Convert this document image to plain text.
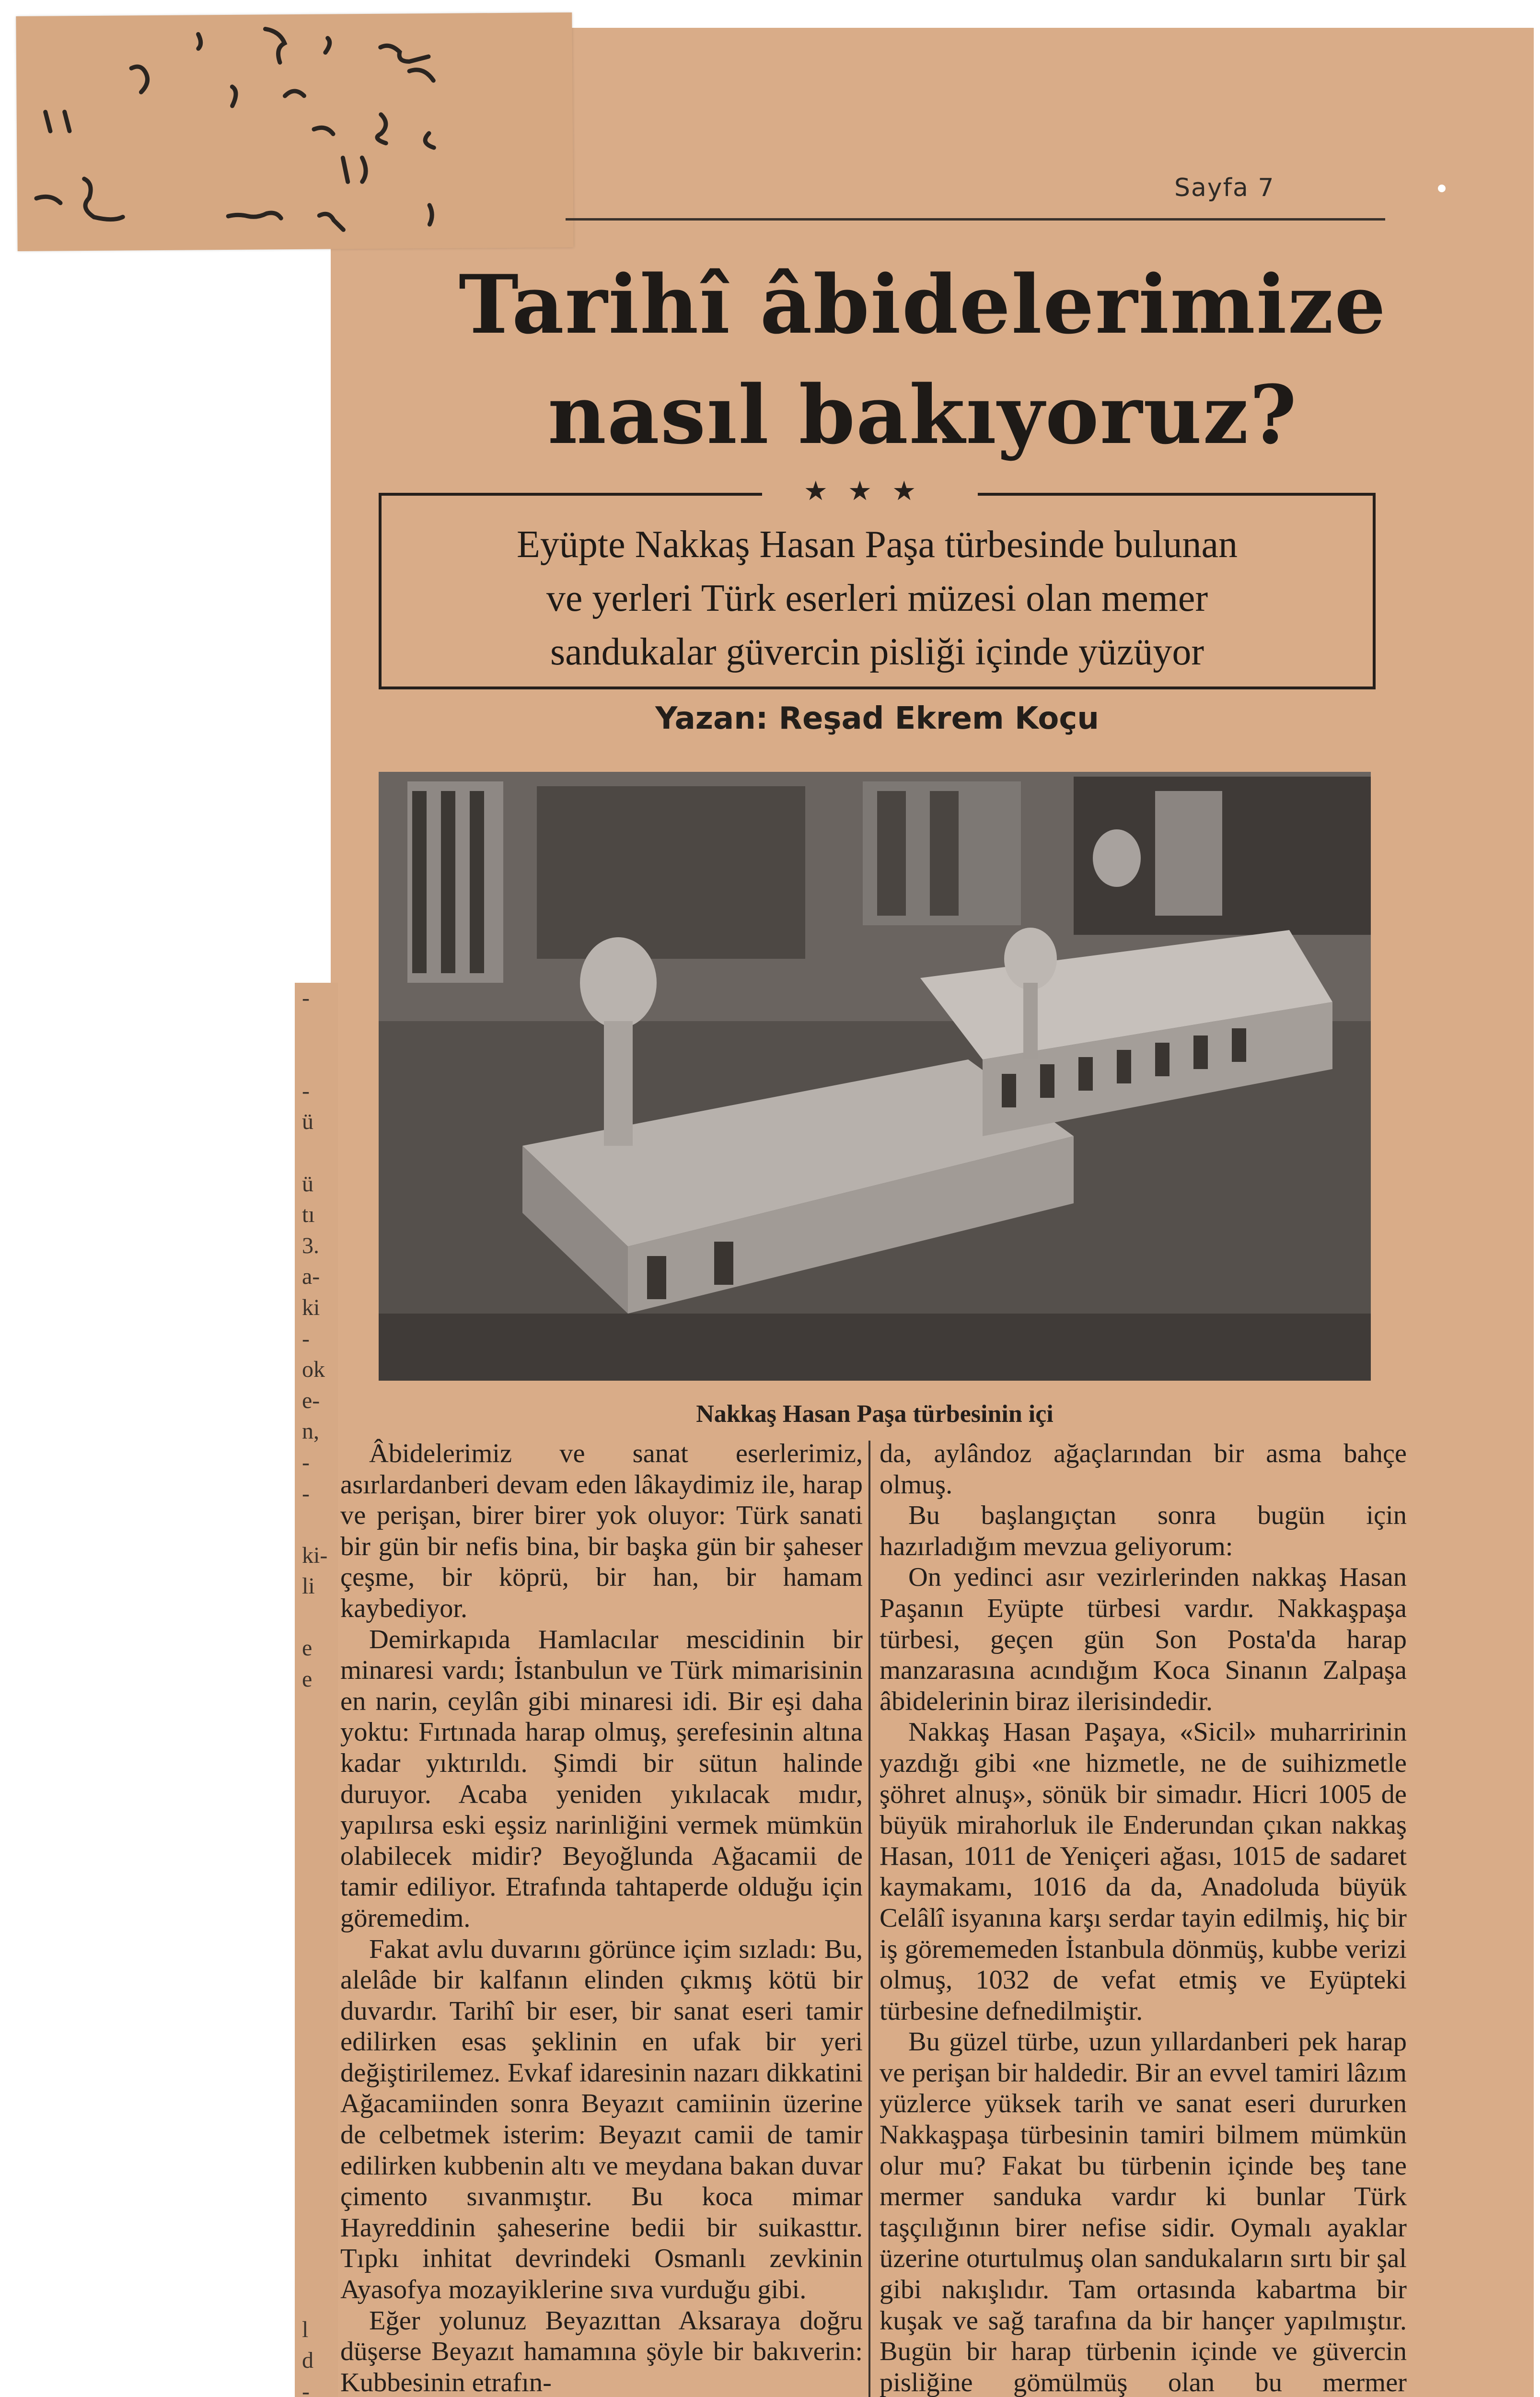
Sayfa 7
Tarihî âbidelerimize
nasıl bakıyoruz?
★★★
Eyüpte Nakkaş Hasan Paşa türbesinde bulunan
ve yerleri Türk eserleri müzesi olan memer
sandukalar güvercin pisliği içinde yüzüyor
Yazan: Reşad Ekrem Koçu
Nakkaş Hasan Paşa türbesinin içi

Âbidelerimiz ve sanat eserlerimiz, asırlardanberi devam eden lâkaydimiz ile, harap ve perişan, birer birer yok oluyor: Türk sanati bir gün bir nefis bina, bir başka gün bir şaheser çeşme, bir köprü, bir han, bir hamam kaybediyor.

Demirkapıda Hamlacılar mescidinin bir minaresi vardı; İstanbulun ve Türk mimarisinin en narin, ceylân gibi minaresi idi. Bir eşi daha yoktu: Fırtınada harap olmuş, şerefesinin altına kadar yıktırıldı. Şimdi bir sütun halinde duruyor. Acaba yeniden yıkılacak mıdır, yapılırsa eski eşsiz narinliğini vermek mümkün olabilecek midir? Beyoğlunda Ağacamii de tamir ediliyor. Etrafında tahtaperde olduğu için göremedim.

Fakat avlu duvarını görünce içim sızladı: Bu, alelâde bir kalfanın elinden çıkmış kötü bir duvardır. Tarihî bir eser, bir sanat eseri tamir edilirken esas şeklinin en ufak bir yeri değiştirilemez. Evkaf idaresinin nazarı dikkatini Ağacamiinden sonra Beyazıt camiinin üzerine de celbetmek isterim: Beyazıt camii de tamir edilirken kubbenin altı ve meydana bakan duvar çimento sıvanmıştır. Bu koca mimar Hayreddinin şaheserine bedii bir suikasttır. Tıpkı inhitat devrindeki Osmanlı zevkinin Ayasofya mozayiklerine sıva vurduğu gibi.

Eğer yolunuz Beyazıttan Aksaraya doğru düşerse Beyazıt hamamına şöyle bir bakıverin: Kubbesinin etrafın-

da, aylândoz ağaçlarından bir asma bahçe olmuş.

Bu başlangıçtan sonra bugün için hazırladığım mevzua geliyorum:

On yedinci asır vezirlerinden nakkaş Hasan Paşanın Eyüpte türbesi vardır. Nakkaşpaşa türbesi, geçen gün Son Posta'da harap manzarasına acındığım Koca Sinanın Zalpaşa âbidelerinin biraz ilerisindedir.

Nakkaş Hasan Paşaya, «Sicil» muharririnin yazdığı gibi «ne hizmetle, ne de suihizmetle şöhret alnuş», sönük bir simadır. Hicri 1005 de büyük mirahorluk ile Enderundan çıkan nakkaş Hasan, 1011 de Yeniçeri ağası, 1015 de sadaret kaymakamı, 1016 da da, Anadoluda büyük Celâlî isyanına karşı serdar tayin edilmiş, hiç bir iş görememeden İstanbula dönmüş, kubbe verizi olmuş, 1032 de vefat etmiş ve Eyüpteki türbesine defnedilmiştir.

Bu güzel türbe, uzun yıllardanberi pek harap ve perişan bir haldedir. Bir an evvel tamiri lâzım yüzlerce yüksek tarih ve sanat eseri dururken Nakkaşpaşa türbesinin tamiri bilmem mümkün olur mu? Fakat bu türbenin içinde beş tane mermer sanduka vardır ki bunlar Türk taşçılığının birer nefise sidir. Oymalı ayaklar üzerine oturtulmuş olan sandukaların sırtı bir şal gibi nakışlıdır. Tam ortasında kabartma bir kuşak ve sağ tarafına da bir hançer yapılmıştır. Bugün bir harap türbenin içinde ve güvercin pisliğine gömülmüş olan bu mermer

-
-
ü
ü
tı
3.
a-
ki
-
ok
e-
n,
-
-
ki-
li
e
e
l
d
-
